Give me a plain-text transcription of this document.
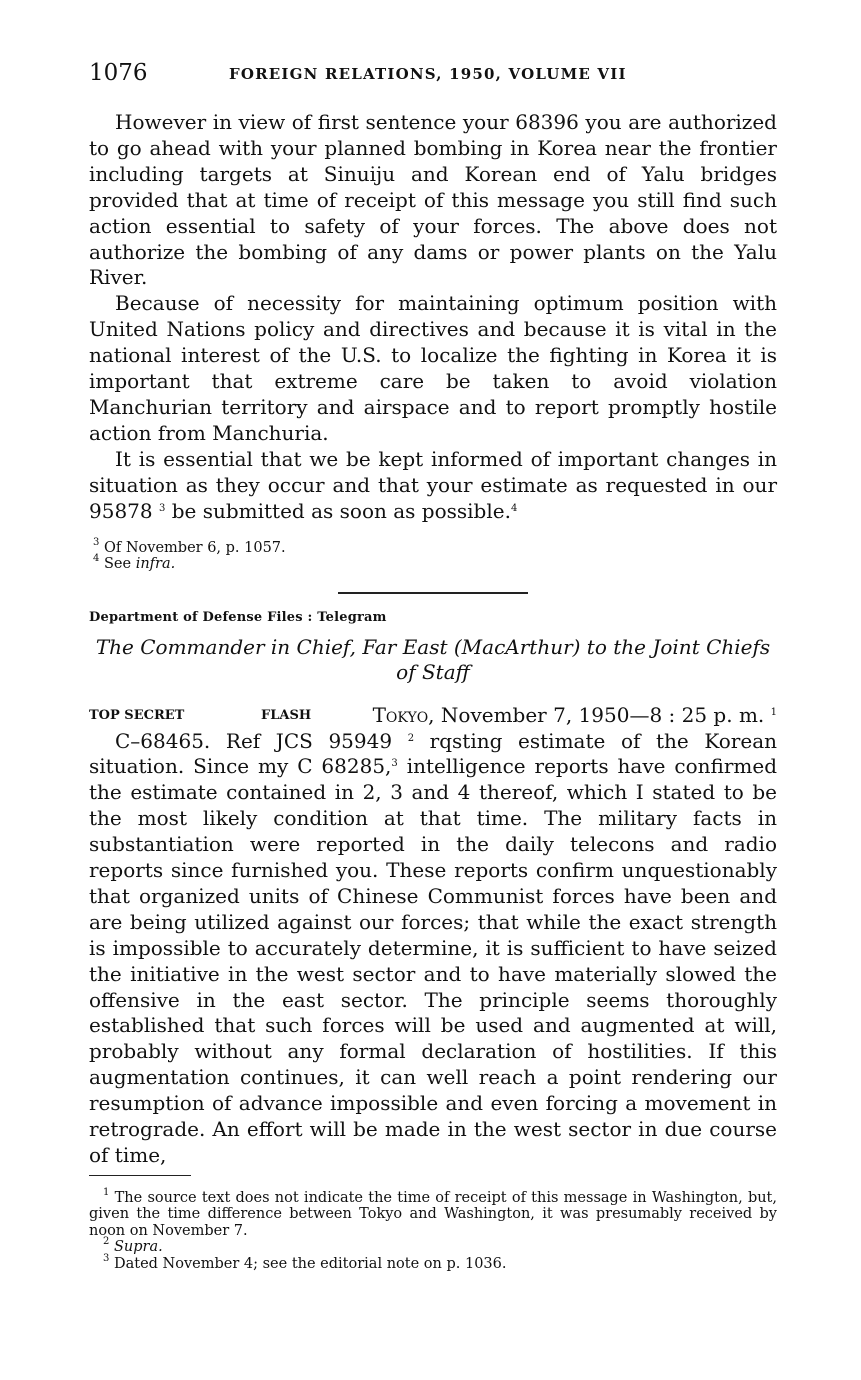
1076	FOREIGN RELATIONS, 1950, VOLUME VII

However in view of first sentence your 68396 you are authorized to go ahead with your planned bombing in Korea near the frontier including targets at Sinuiju and Korean end of Yalu bridges provided that at time of receipt of this message you still find such action essential to safety of your forces. The above does not authorize the bombing of any dams or power plants on the Yalu River.

Because of necessity for maintaining optimum position with United Nations policy and directives and because it is vital in the national interest of the U.S. to localize the fighting in Korea it is important that extreme care be taken to avoid violation Manchurian territory and airspace and to report promptly hostile action from Manchuria.

It is essential that we be kept informed of important changes in situation as they occur and that your estimate as requested in our 95878 $^3$ be submitted as soon as possible.$^4$

$^3$ Of November 6, p. 1057.

$^4$ See infra.

Department of Defense Files : Telegram
The Commander in Chief, Far East (MacArthur) to the Joint Chiefs of Staff
TOP SECRET	FLASH	Tokyo, November 7, 1950—8 : 25 p. m. $^1$

C–68465. Ref JCS 95949 $^2$ rqsting estimate of the Korean situation. Since my C 68285,$^3$ intelligence reports have confirmed the estimate contained in 2, 3 and 4 thereof, which I stated to be the most likely condition at that time. The military facts in substantiation were reported in the daily telecons and radio reports since furnished you. These reports confirm unquestionably that organized units of Chinese Communist forces have been and are being utilized against our forces; that while the exact strength is impossible to accurately determine, it is sufficient to have seized the initiative in the west sector and to have materially slowed the offensive in the east sector. The principle seems thoroughly established that such forces will be used and augmented at will, probably without any formal declaration of hostilities. If this augmentation continues, it can well reach a point rendering our resumption of advance impossible and even forcing a movement in retrograde. An effort will be made in the west sector in due course of time,

$^1$ The source text does not indicate the time of receipt of this message in Washington, but, given the time difference between Tokyo and Washington, it was presumably received by noon on November 7.

$^2$ Supra.

$^3$ Dated November 4; see the editorial note on p. 1036.
